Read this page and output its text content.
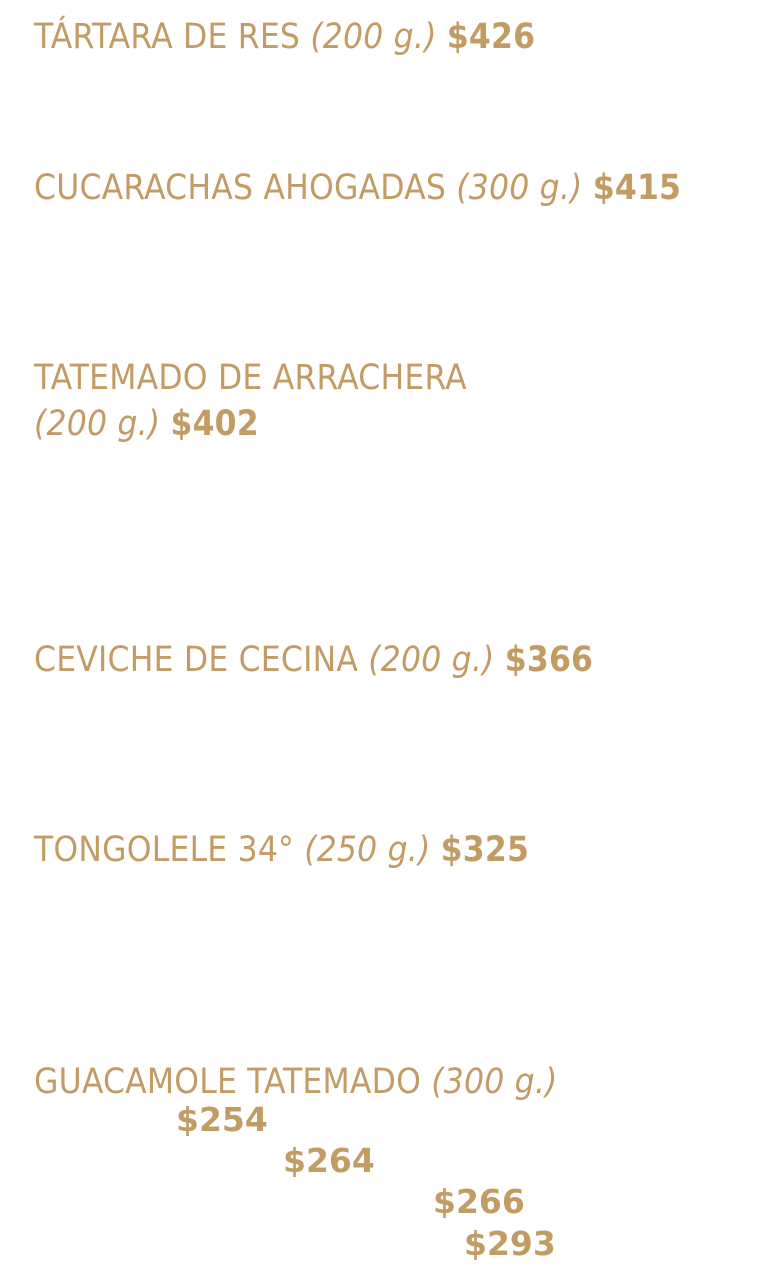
TÁRTARA DE RES (200 g.) $426

CUCARACHAS AHOGADAS (300 g.) $415

TATEMADO DE ARRACHERA

(200 g.) $402

CEVICHE DE CECINA (200 g.) $366

TONGOLELE 34° (250 g.) $325

GUACAMOLE TATEMADO (300 g.)

$254
$264
$266
$293
